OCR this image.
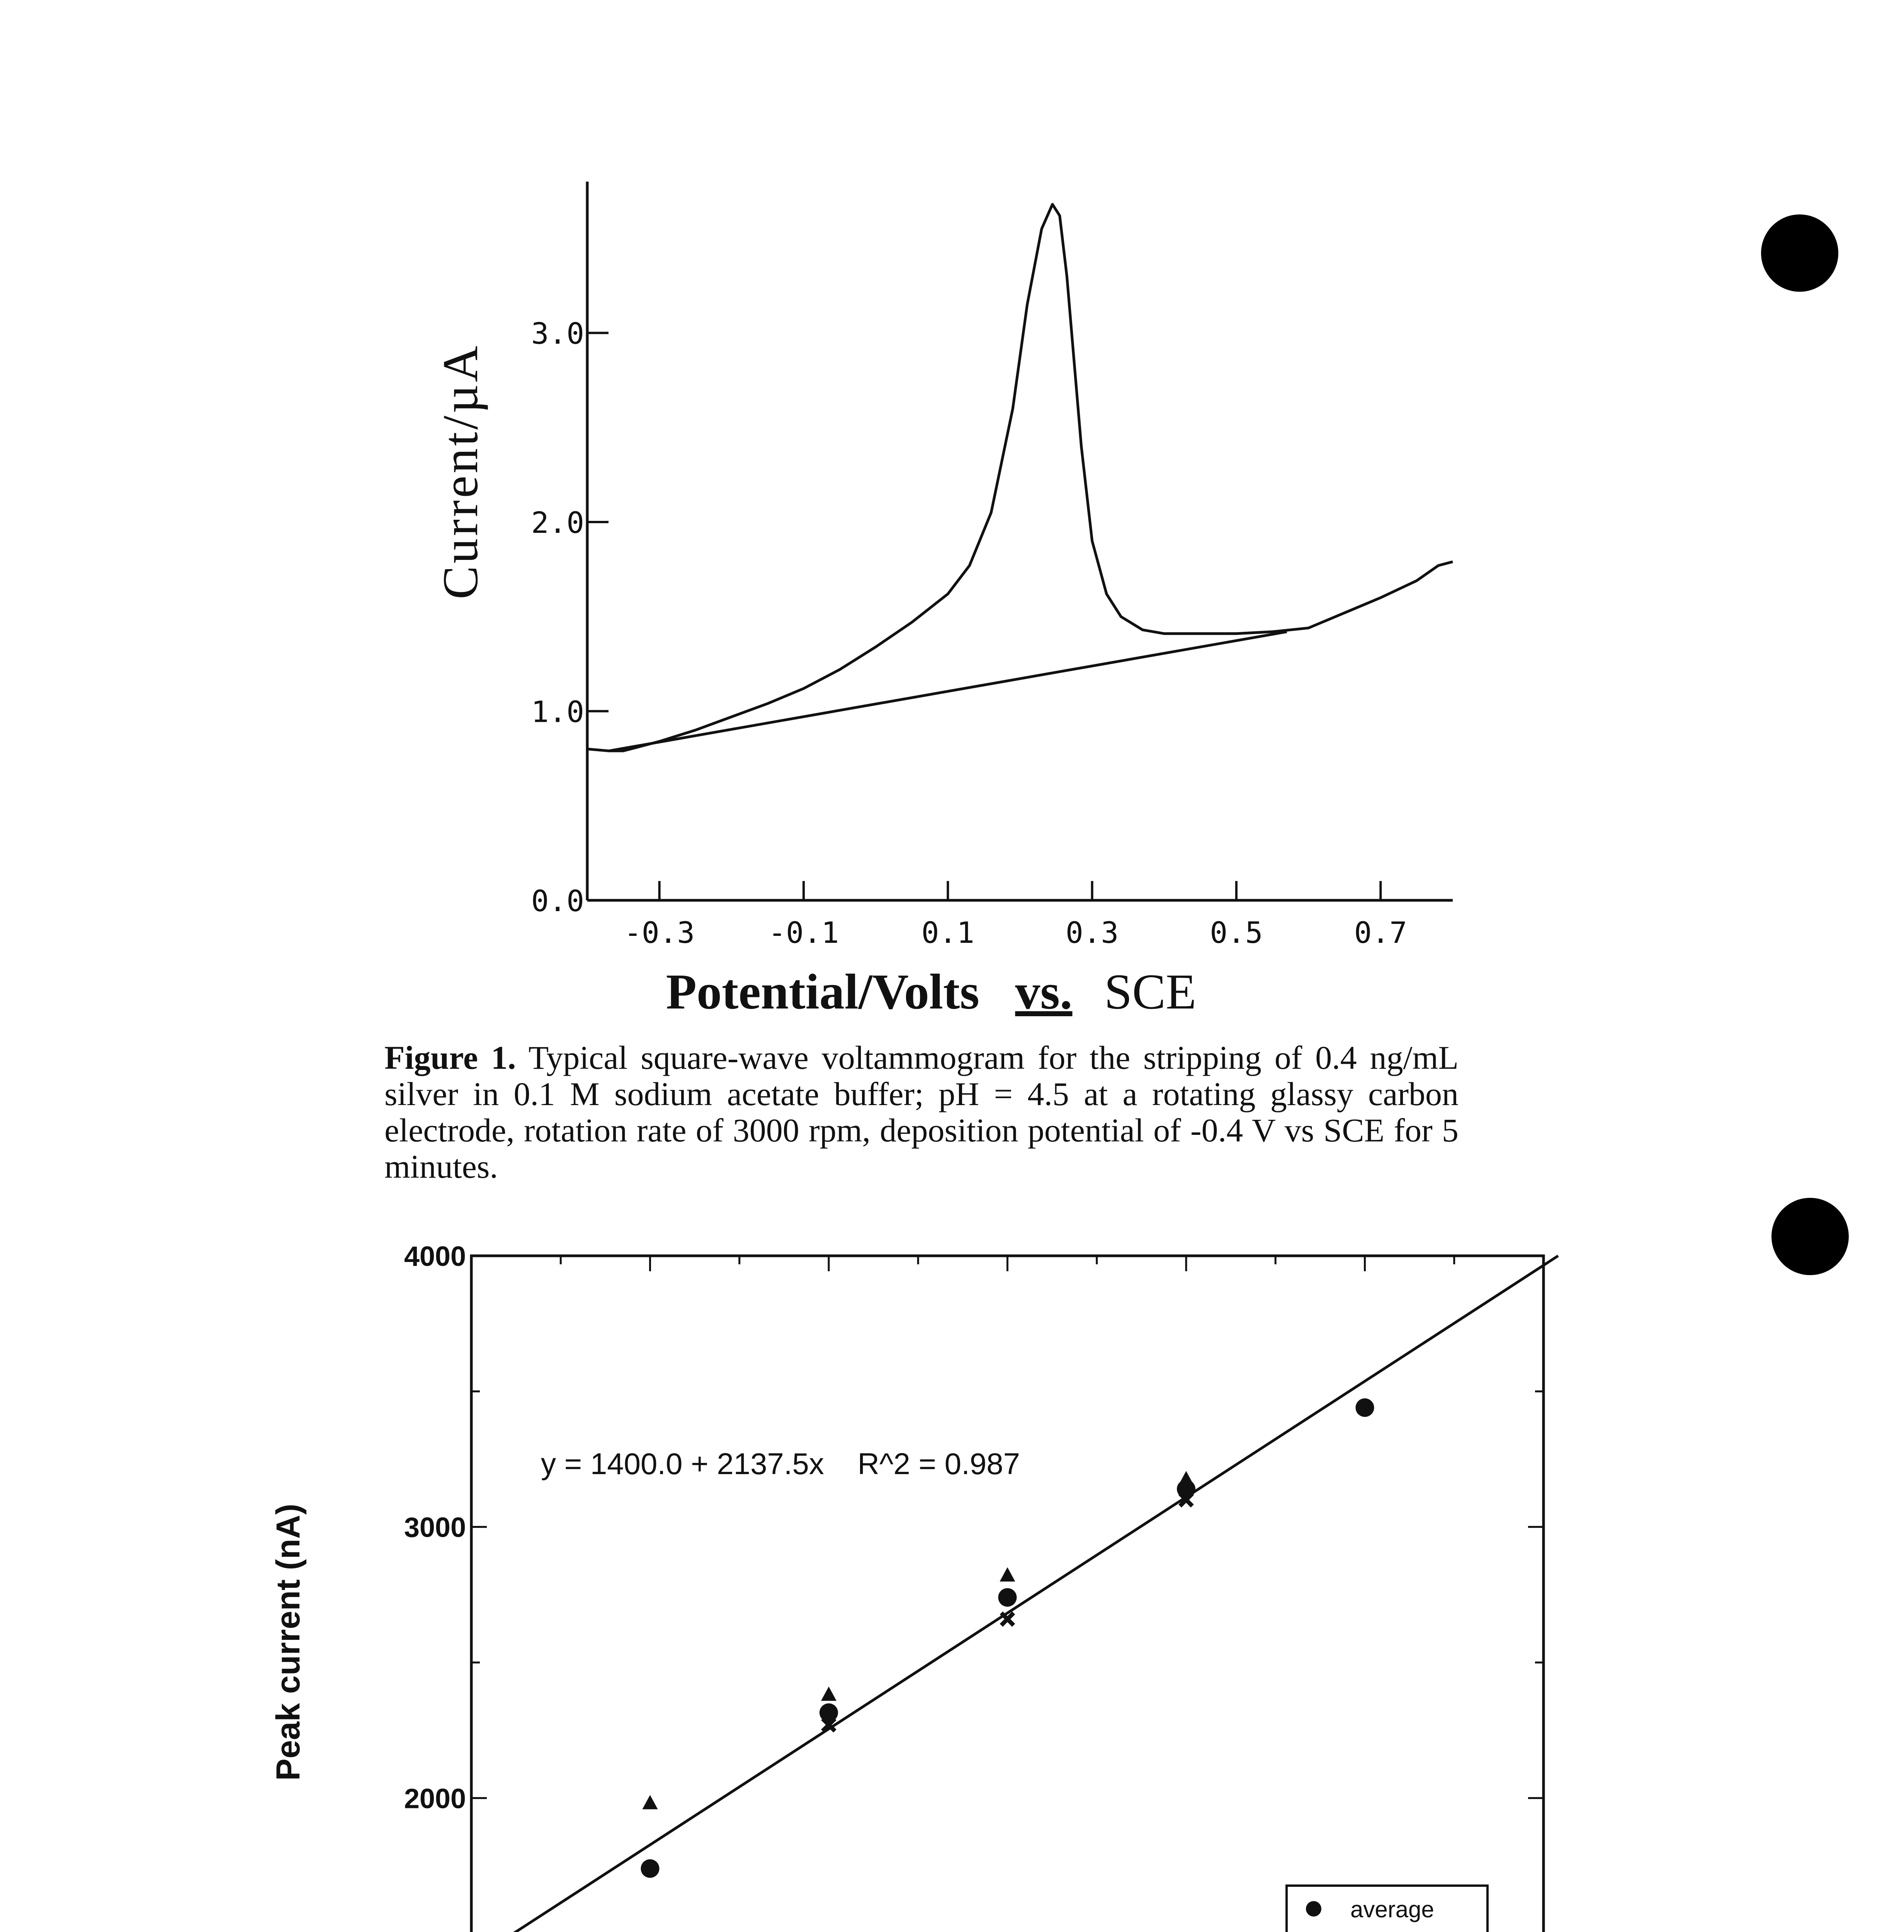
-0.3	-0.1	0.1	0.3	0.5	0.7
0.0
1.0
2.0
3.0
Current/µA
Potential/Volts vs. SCE
2000
3000
4000
y = 1400.0 + 2137.5x    R^2 = 0.987
Peak current (nA)
average

Figure 1. Typical square-wave voltammogram for the stripping of 0.4 ng/mL silver in 0.1 M sodium acetate buffer; pH = 4.5 at a rotating glassy carbon electrode, rotation rate of 3000 rpm, deposition potential of -0.4 V vs SCE for 5 minutes.
